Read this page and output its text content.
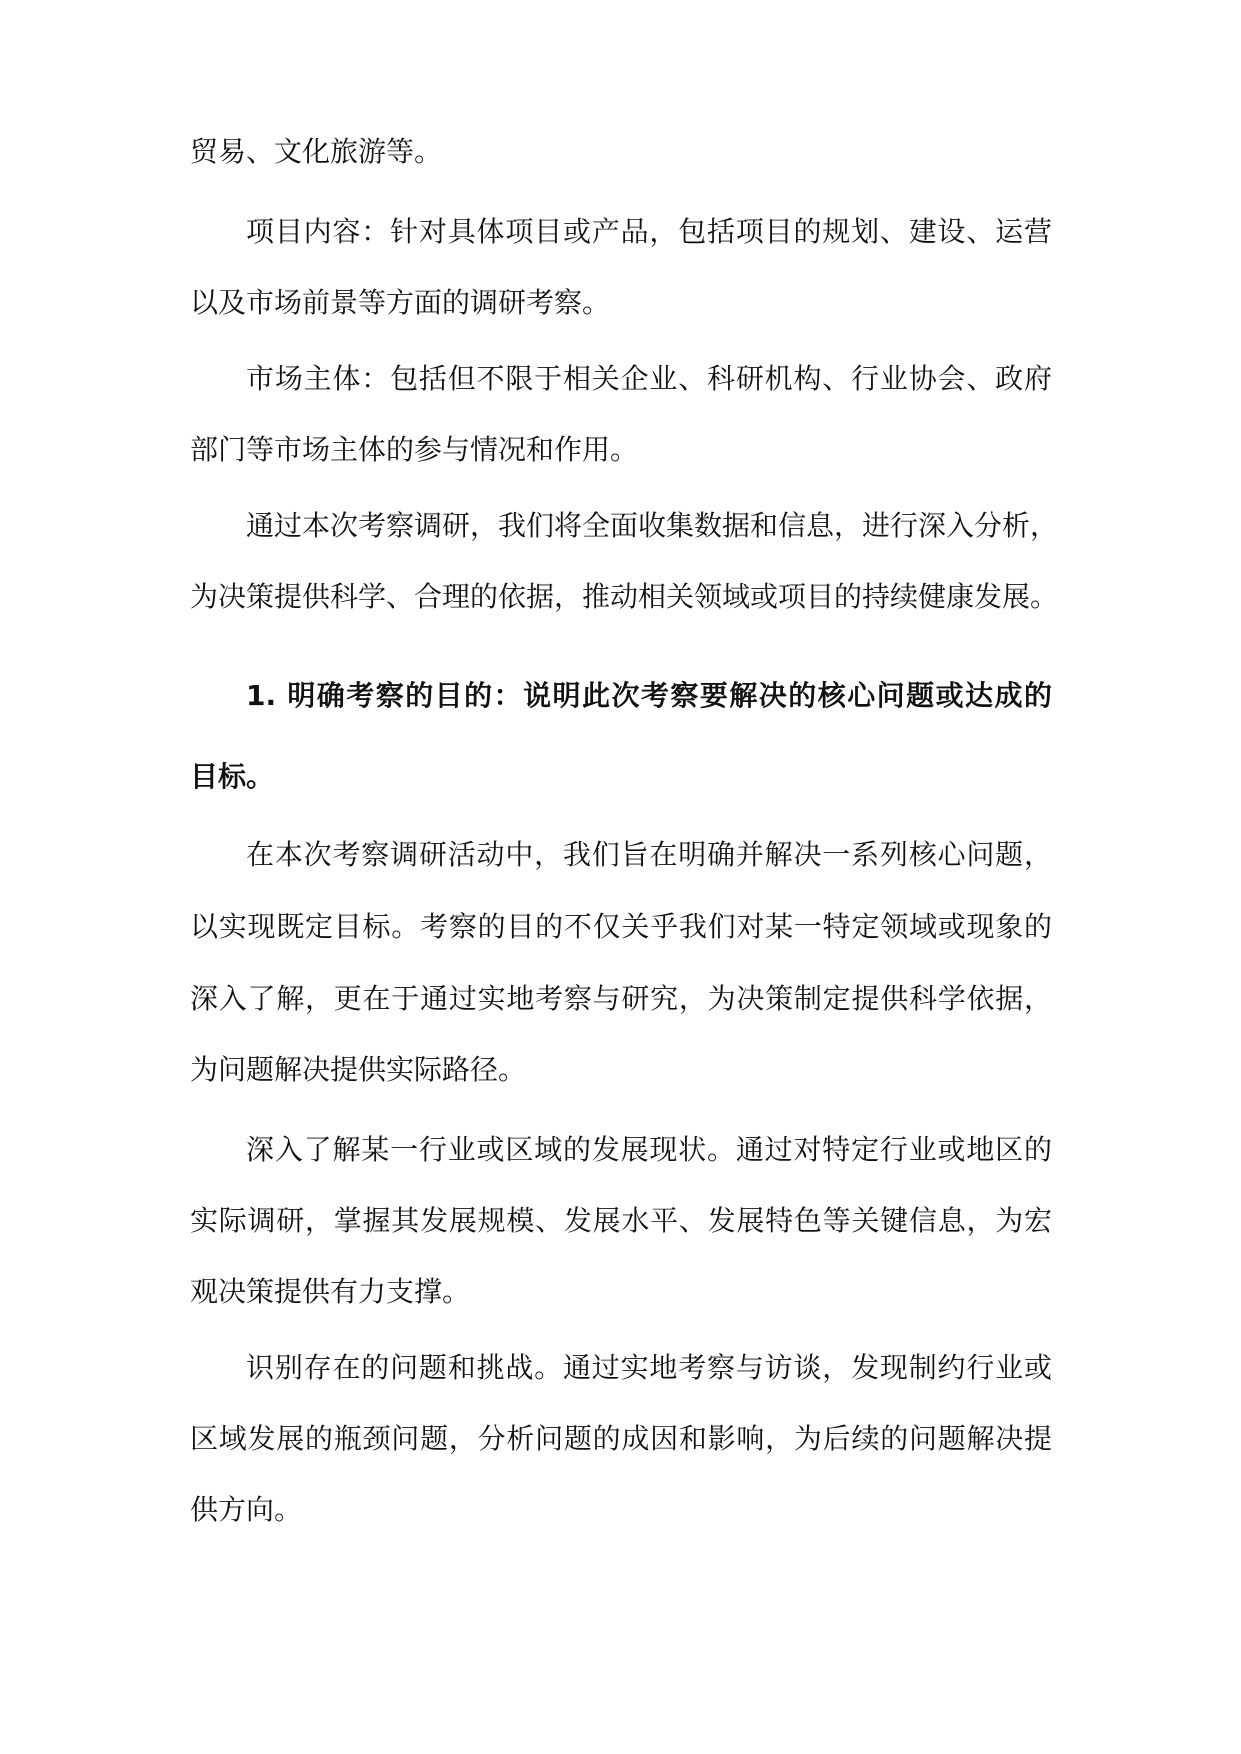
贸易、文化旅游等。

项目内容：针对具体项目或产品，包括项目的规划、建设、运营

以及市场前景等方面的调研考察。

市场主体：包括但不限于相关企业、科研机构、行业协会、政府

部门等市场主体的参与情况和作用。

通过本次考察调研，我们将全面收集数据和信息，进行深入分析，

为决策提供科学、合理的依据，推动相关领域或项目的持续健康发展。

1. 明确考察的目的：说明此次考察要解决的核心问题或达成的

目标。

在本次考察调研活动中，我们旨在明确并解决一系列核心问题，

以实现既定目标。考察的目的不仅关乎我们对某一特定领域或现象的

深入了解，更在于通过实地考察与研究，为决策制定提供科学依据，

为问题解决提供实际路径。

深入了解某一行业或区域的发展现状。通过对特定行业或地区的

实际调研，掌握其发展规模、发展水平、发展特色等关键信息，为宏

观决策提供有力支撑。

识别存在的问题和挑战。通过实地考察与访谈，发现制约行业或

区域发展的瓶颈问题，分析问题的成因和影响，为后续的问题解决提

供方向。
